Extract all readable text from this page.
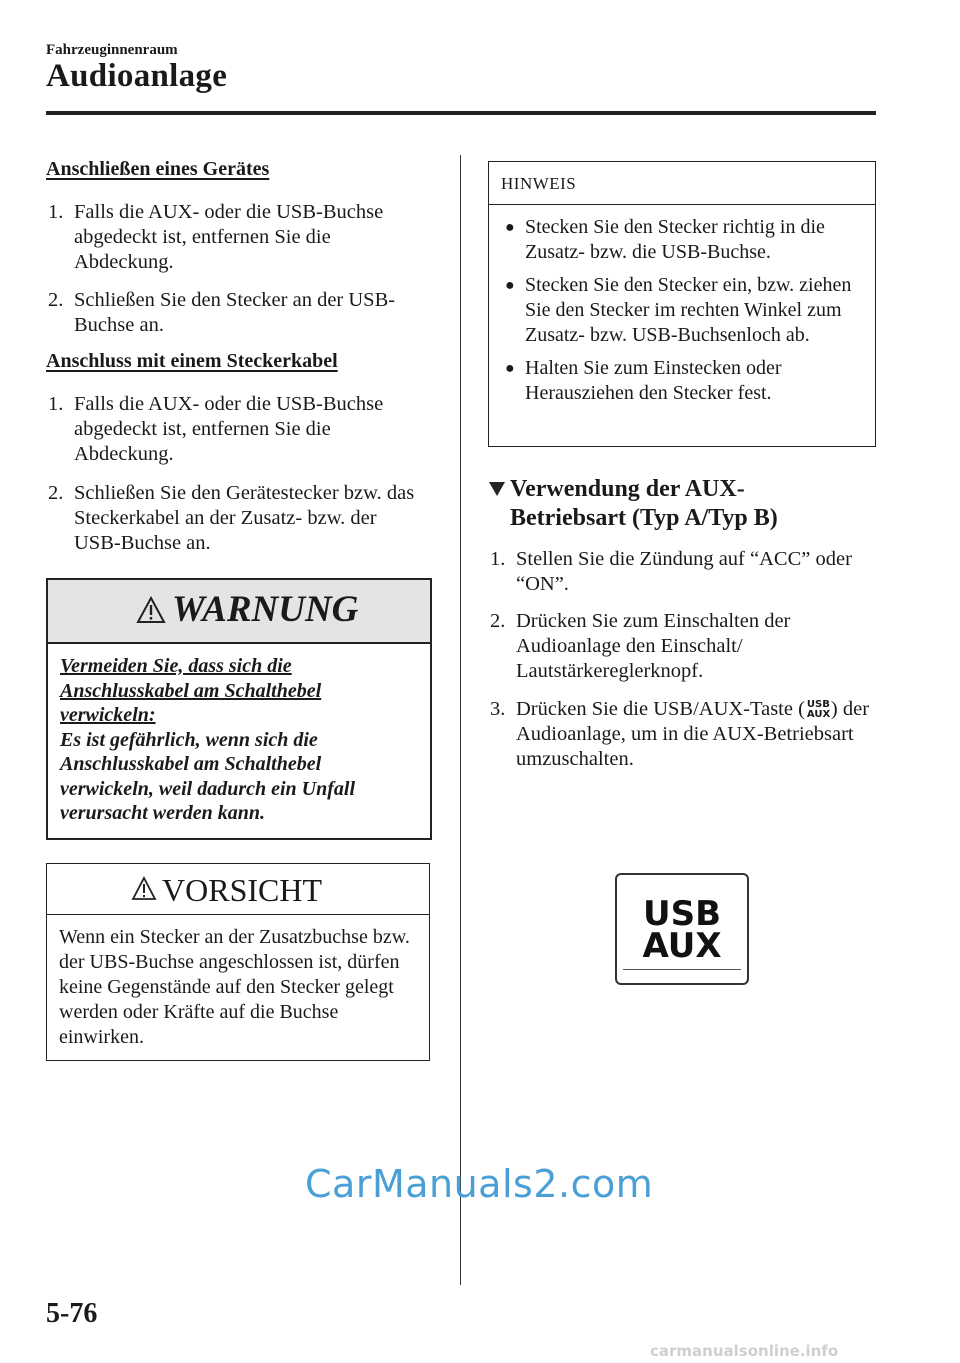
Fahrzeuginnenraum
Audioanlage
Anschließen eines Gerätes
1. Falls die AUX- oder die USB-Buchse abgedeckt ist, entfernen Sie die Abdeckung.
2. Schließen Sie den Stecker an der USB-Buchse an.
Anschluss mit einem Steckerkabel
1. Falls die AUX- oder die USB-Buchse abgedeckt ist, entfernen Sie die Abdeckung.
2. Schließen Sie den Gerätestecker bzw. das Steckerkabel an der Zusatz- bzw. der USB-Buchse an.
WARNUNG
Vermeiden Sie, dass sich die Anschlusskabel am Schalthebel verwickeln:
Es ist gefährlich, wenn sich die Anschlusskabel am Schalthebel verwickeln, weil dadurch ein Unfall verursacht werden kann.
VORSICHT
Wenn ein Stecker an der Zusatzbuchse bzw. der UBS-Buchse angeschlossen ist, dürfen keine Gegenstände auf den Stecker gelegt werden oder Kräfte auf die Buchse einwirken.
HINWEIS
● Stecken Sie den Stecker richtig in die Zusatz- bzw. die USB-Buchse.
● Stecken Sie den Stecker ein, bzw. ziehen Sie den Stecker im rechten Winkel zum Zusatz- bzw. USB-Buchsenloch ab.
● Halten Sie zum Einstecken oder Herausziehen den Stecker fest.
Verwendung der AUX-Betriebsart (Typ A/Typ B)
1. Stellen Sie die Zündung auf “ACC” oder “ON”.
2. Drücken Sie zum Einschalten der Audioanlage den Einschalt/ Lautstärkereglerknopf.
3. Drücken Sie die USB/AUX-Taste ( USB
AUX) der Audioanlage, um in die AUX-Betriebsart umzuschalten.
USB
AUX
CarManuals2.com
5-76
carmanualsonline.info
